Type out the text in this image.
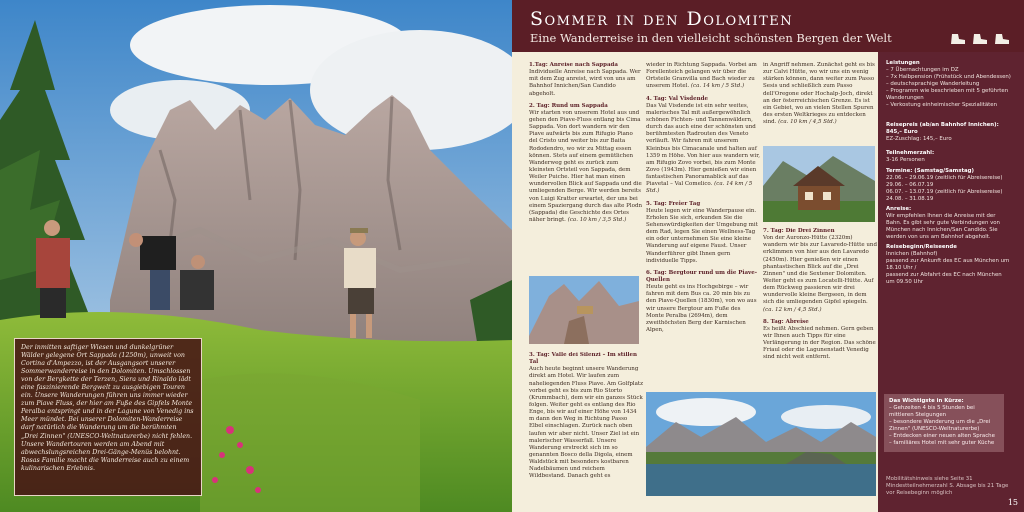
Der inmitten saftiger Wiesen und dunkelgrüner Wälder gelegene Ort Sappada (1250m), unweit von Cortina d'Ampezzo, ist der Ausgangsort unserer Sommerwanderreise in den Dolomiten. Umschlossen von der Bergkette der Terzen, Siera und Rinaldo lädt eine faszinierende Bergwelt zu ausgiebigen Touren ein. Unsere Wanderungen führen uns immer wieder zum Piave Fluss, der hier am Fuße des Gipfels Monte Peralba entspringt und in der Lagune von Venedig ins Meer mündet. Bei unserer Dolomiten-Wanderreise darf natürlich die Wanderung um die berühmten „Drei Zinnen" (UNESCO-Weltnaturerbe) nicht fehlen. Unsere Wandertouren werden am Abend mit abwechslungsreichen Drei-Gänge-Menüs belohnt. Rosas Familie macht die Wanderreise auch zu einem kulinarischen Erlebnis.
Sommer in den Dolomiten
Eine Wanderreise in den vielleicht schönsten Bergen der Welt
1.Tag: Anreise nach Sappada

Individuelle Anreise nach Sappada. Wer mit dem Zug anreist, wird von uns am Bahnhof Innichen/San Candido abgeholt.

2. Tag: Rund um Sappada

Wir starten von unserem Hotel aus und gehen den Piave-Fluss entlang bis Cima Sappada. Von dort wandern wir den Piave aufwärts bis zum Rifugio Piano del Cristo und weiter bis zur Baita Rododendro, wo wir zu Mittag essen können. Stets auf einem gemütlichen Wanderweg geht es zurück zum kleinsten Ortsteil von Sappada, dem Weiler Puiche. Hier hat man einen wundervollen Blick auf Sappada und die umliegenden Berge. Wir werden bereits von Luigi Kratter erwartet, der uns bei einem Spaziergang durch das alte Plodn (Sappada) die Geschichte des Ortes näher bringt. (ca. 10 km / 3,5 Std.)

3. Tag: Valle dei Silenzi – Im stillen Tal
Auch heute beginnt unsere Wanderung direkt am Hotel. Wir laufen zum naheliegenden Fluss Piave. Am Golfplatz vorbei geht es bis zum Rio Storto (Krummbach), dem wir ein ganzes Stück folgen. Weiter geht es entlang des Rio Enge, bis wir auf einer Höhe von 1434 m dann den Weg in Richtung Passo Elbel einschlagen. Zurück nach oben laufen wir aber nicht. Unser Ziel ist ein malerischer Wasserfall. Unsere Wanderung erstreckt sich im so genannten Bosco della Digola, einem Waldstück mit besonders kostbaren Nadelbäumen und reichem Wildbestand. Danach geht es

wieder in Richtung Sappada. Vorbei am Forellenteich gelangen wir über die Ortsteile Granvilla und Bach wieder zu unserem Hotel. (ca. 14 km / 5 Std.)

4. Tag: Val Visdende

Das Val Visdende ist ein sehr weites, malerisches Tal mit außergewöhnlich schönen Fichten- und Tannenwäldern, durch das auch eine der schönsten und berühmtesten Radrouten des Veneto verläuft. Wir fahren mit unserem Kleinbus bis Cimacanale und halten auf 1359 m Höhe. Von hier aus wandern wir, am Rifugio Zovo vorbei, bis zum Monte Zovo (1943m). Hier genießen wir einen fantastischen Panoramablick auf das Piavetal – Val Comelico. (ca. 14 km / 5 Std.)

5. Tag: Freier Tag

Heute legen wir eine Wanderpause ein. Erholen Sie sich, erkunden Sie die Sehenswürdigkeiten der Umgebung mit dem Rad, legen Sie einen Wellness-Tag ein oder unternehmen Sie eine kleine Wanderung auf eigene Faust. Unser Wanderführer gibt Ihnen gern individuelle Tipps.

6. Tag: Bergtour rund um die Piave-Quellen

Heute geht es ins Hochgebirge – wir fahren mit dem Bus ca. 20 min bis zu den Piave-Quellen (1830m), von wo aus wir unsere Bergtour am Fuße des Monte Peralba (2694m), dem zweithöchsten Berg der Karnischen Alpen,

in Angriff nehmen. Zunächst geht es bis zur Calvi Hütte, wo wir uns ein wenig stärken können, dann weiter zum Passo Sesis und schließlich zum Passo dell'Oregone oder Hochalp-Joch, direkt an der österreichischen Grenze. Es ist ein Gebiet, wo an vielen Stellen Spuren des ersten Weltkrieges zu entdecken sind. (ca. 10 km / 4,5 Std.)

7. Tag: Die Drei Zinnen

Von der Auronzo-Hütte (2320m) wandern wir bis zur Lavaredo-Hütte und erklimmen von hier aus den Lavaredo (2450m). Hier genießen wir einen phantastischen Blick auf die „Drei Zinnen" und die Sextener Dolomiten. Weiter geht es zum Locatelli-Hütte. Auf dem Rückweg passieren wir drei wundervolle kleine Bergseen, in dem sich die umliegenden Gipfel spiegeln. (ca. 12 km / 4,5 Std.)

8. Tag: Abreise

Es heißt Abschied nehmen. Gern geben wir Ihnen auch Tipps für eine Verlängerung in der Region. Das schöne Friaul oder die Lagunenstadt Venedig sind nicht weit entfernt.

Leistungen
– 7 Übernachtungen im DZ
– 7x Halbpension (Frühstück und Abendessen)
– deutschsprachige Wanderleitung
– Programm wie beschrieben mit 5 geführten Wanderungen
– Verkostung einheimischer Spezialitäten
Reisepreis (ab/an Bahnhof Innichen):
845,– Euro
EZ-Zuschlag: 145,– Euro
Teilnehmerzahl:
3-16 Personen
Termine: (Samstag/Samstag)
22.06. – 29.06.19 (zeitlich für Abreisereise)
29.06. – 06.07.19
06.07. – 13.07.19 (zeitlich für Abreisereise)
24.08. – 31.08.19
Anreise:
Wir empfehlen Ihnen die Anreise mit der Bahn. Es gibt sehr gute Verbindungen von München nach Innichen/San Candido. Sie werden von uns am Bahnhof abgeholt.
Reisebeginn/Reiseende
Innichen (Bahnhof)
passend zur Ankunft des EC aus München um 18.10 Uhr /
passend zur Abfahrt des EC nach München um 09.50 Uhr
Das Wichtigste in Kürze:
– Gehzeiten 4 bis 5 Stunden bei mittleren Steigungen
– besondere Wanderung um die „Drei Zinnen" (UNESCO-Weltnaturerbe)
– Entdecken einer neuen alten Sprache
– familiäres Hotel mit sehr guter Küche
Mobilitätshinweis siehe Seite 31
Mindestteilnehmerzahl S. Absage bis 21 Tage vor Reisebeginn möglich
15
